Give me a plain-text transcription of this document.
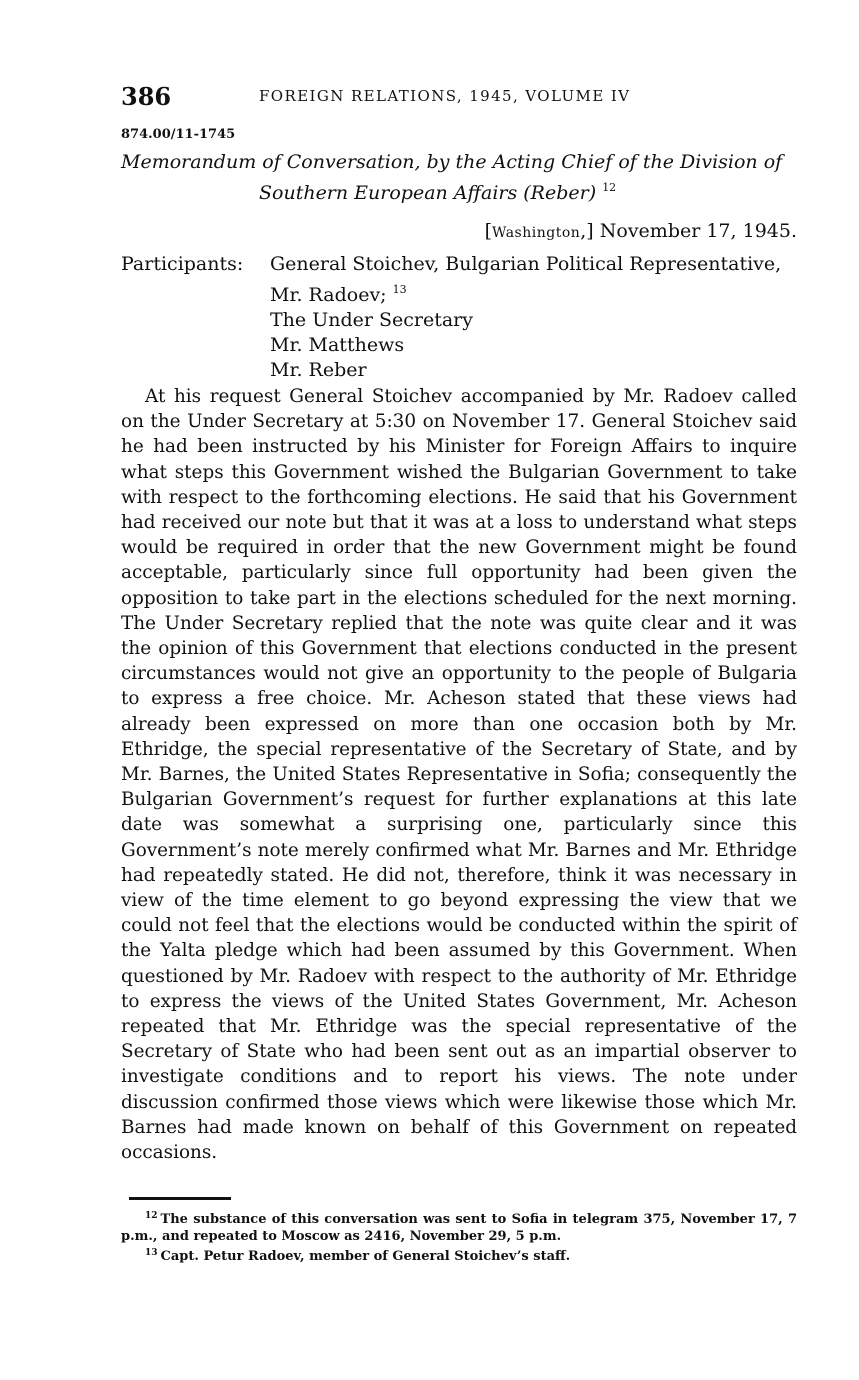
386	FOREIGN RELATIONS, 1945, VOLUME IV
874.00/11-1745
Memorandum of Conversation, by the Acting Chief of the Division of
Southern European Affairs (Reber) $^{12}$
[Washington,] November 17, 1945.
Participants: General Stoichev, Bulgarian Political Representative,
Mr. Radoev; $^{13}$
The Under Secretary
Mr. Matthews
Mr. Reber

At his request General Stoichev accompanied by Mr. Radoev called on the Under Secretary at 5:30 on November 17. General Stoichev said he had been instructed by his Minister for Foreign Affairs to inquire what steps this Government wished the Bulgarian Government to take with respect to the forthcoming elections. He said that his Government had received our note but that it was at a loss to understand what steps would be required in order that the new Government might be found acceptable, particularly since full opportunity had been given the opposition to take part in the elections scheduled for the next morning. The Under Secretary replied that the note was quite clear and it was the opinion of this Government that elections conducted in the present circumstances would not give an opportunity to the people of Bulgaria to express a free choice. Mr. Acheson stated that these views had already been expressed on more than one occasion both by Mr. Ethridge, the special representative of the Secretary of State, and by Mr. Barnes, the United States Representative in Sofia; consequently the Bulgarian Government’s request for further explanations at this late date was somewhat a surprising one, particularly since this Government’s note merely confirmed what Mr. Barnes and Mr. Ethridge had repeatedly stated. He did not, therefore, think it was necessary in view of the time element to go beyond expressing the view that we could not feel that the elections would be conducted within the spirit of the Yalta pledge which had been assumed by this Government. When questioned by Mr. Radoev with respect to the authority of Mr. Ethridge to express the views of the United States Government, Mr. Acheson repeated that Mr. Ethridge was the special representative of the Secretary of State who had been sent out as an impartial observer to investigate conditions and to report his views. The note under discussion confirmed those views which were likewise those which Mr. Barnes had made known on behalf of this Government on repeated occasions.

$^{12}$ The substance of this conversation was sent to Sofia in telegram 375, November 17, 7 p.m., and repeated to Moscow as 2416, November 29, 5 p.m.

$^{13}$ Capt. Petur Radoev, member of General Stoichev’s staff.
